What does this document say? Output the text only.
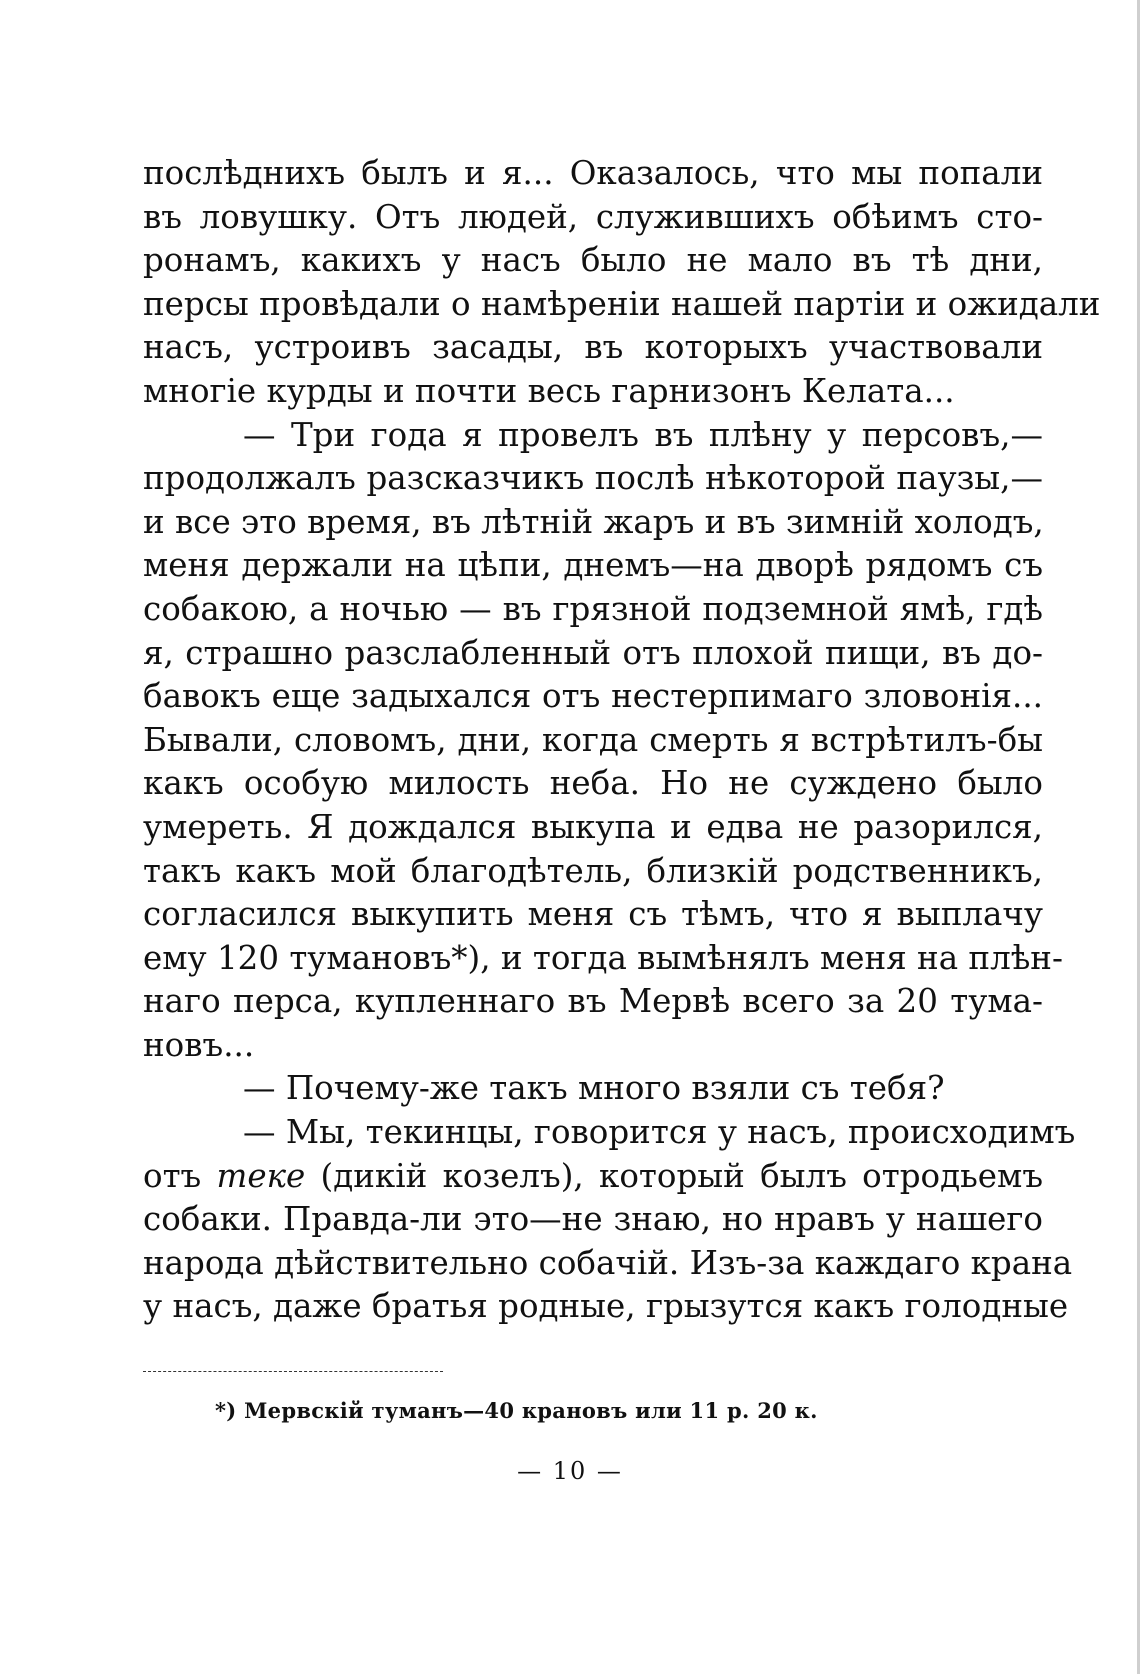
послѣднихъ былъ и я... Оказалось, что мы попали
въ ловушку. Отъ людей, служившихъ обѣимъ сто-
ронамъ, какихъ у насъ было не мало въ тѣ дни,
персы провѣдали о намѣреніи нашей партіи и ожидали
насъ, устроивъ засады, въ которыхъ участвовали
многіе курды и почти весь гарнизонъ Келата...
— Три года я провелъ въ плѣну у персовъ,—
продолжалъ разсказчикъ послѣ нѣкоторой паузы,—
и все это время, въ лѣтній жаръ и въ зимній холодъ,
меня держали на цѣпи, днемъ—на дворѣ рядомъ съ
собакою, а ночью — въ грязной подземной ямѣ, гдѣ
я, страшно разслабленный отъ плохой пищи, въ до-
бавокъ еще задыхался отъ нестерпимаго зловонія...
Бывали, словомъ, дни, когда смерть я встрѣтилъ-бы
какъ особую милость неба. Но не суждено было
умереть. Я дождался выкупа и едва не разорился,
такъ какъ мой благодѣтель, близкій родственникъ,
согласился выкупить меня съ тѣмъ, что я выплачу
ему 120 тумановъ*), и тогда вымѣнялъ меня на плѣн-
наго перса, купленнаго въ Мервѣ всего за 20 тума-
новъ...
— Почему-же такъ много взяли съ тебя?
— Мы, текинцы, говорится у насъ, происходимъ
отъ теке (дикій козелъ), который былъ отродьемъ
собаки. Правда-ли это—не знаю, но нравъ у нашего
народа дѣйствительно собачій. Изъ-за каждаго крана
у насъ, даже братья родные, грызутся какъ голодные
*) Мервскій туманъ—40 крановъ или 11 р. 20 к.
— 10 —
